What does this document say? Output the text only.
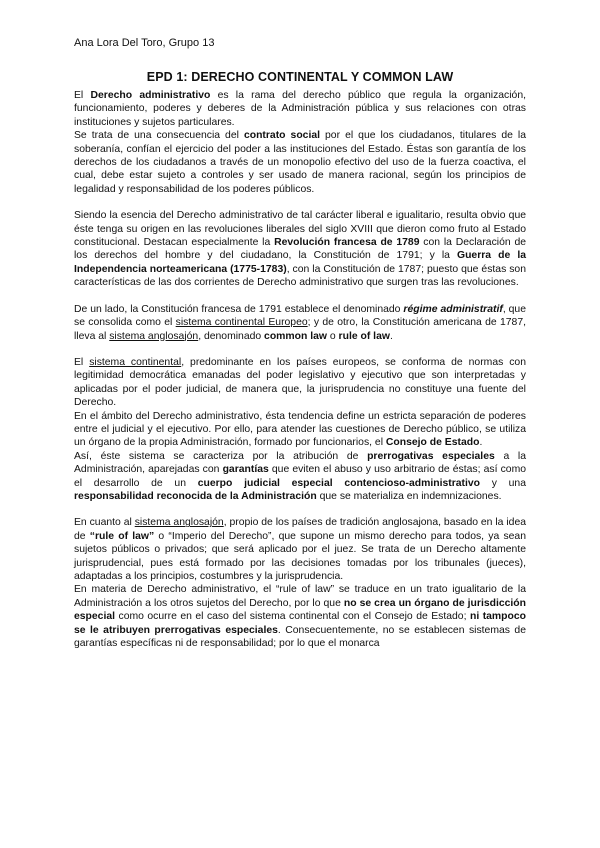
Ana Lora Del Toro, Grupo 13
EPD 1: DERECHO CONTINENTAL Y COMMON LAW

El Derecho administrativo es la rama del derecho público que regula la organización, funcionamiento, poderes y deberes de la Administración pública y sus relaciones con otras instituciones y sujetos particulares.

Se trata de una consecuencia del contrato social por el que los ciudadanos, titulares de la soberanía, confían el ejercicio del poder a las instituciones del Estado. Éstas son garantía de los derechos de los ciudadanos a través de un monopolio efectivo del uso de la fuerza coactiva, el cual, debe estar sujeto a controles y ser usado de manera racional, según los principios de legalidad y responsabilidad de los poderes públicos.

Siendo la esencia del Derecho administrativo de tal carácter liberal e igualitario, resulta obvio que éste tenga su origen en las revoluciones liberales del siglo XVIII que dieron como fruto al Estado constitucional. Destacan especialmente la Revolución francesa de 1789 con la Declaración de los derechos del hombre y del ciudadano, la Constitución de 1791; y la Guerra de la Independencia norteamericana (1775-1783), con la Constitución de 1787; puesto que éstas son características de las dos corrientes de Derecho administrativo que surgen tras las revoluciones.

De un lado, la Constitución francesa de 1791 establece el denominado régime administratif, que se consolida como el sistema continental Europeo; y de otro, la Constitución americana de 1787, lleva al sistema anglosajón, denominado common law o rule of law.

El sistema continental, predominante en los países europeos, se conforma de normas con legitimidad democrática emanadas del poder legislativo y ejecutivo que son interpretadas y aplicadas por el poder judicial, de manera que, la jurisprudencia no constituye una fuente del Derecho.

En el ámbito del Derecho administrativo, ésta tendencia define un estricta separación de poderes entre el judicial y el ejecutivo. Por ello, para atender las cuestiones de Derecho público, se utiliza un órgano de la propia Administración, formado por funcionarios, el Consejo de Estado.

Así, éste sistema se caracteriza por la atribución de prerrogativas especiales a la Administración, aparejadas con garantías que eviten el abuso y uso arbitrario de éstas; así como el desarrollo de un cuerpo judicial especial contencioso-administrativo y una responsabilidad reconocida de la Administración que se materializa en indemnizaciones.

En cuanto al sistema anglosajón, propio de los países de tradición anglosajona, basado en la idea de “rule of law” o “Imperio del Derecho”, que supone un mismo derecho para todos, ya sean sujetos públicos o privados; que será aplicado por el juez. Se trata de un Derecho altamente jurisprudencial, pues está formado por las decisiones tomadas por los tribunales (jueces), adaptadas a los principios, costumbres y la jurisprudencia.

En materia de Derecho administrativo, el “rule of law” se traduce en un trato igualitario de la Administración a los otros sujetos del Derecho, por lo que no se crea un órgano de jurisdicción especial como ocurre en el caso del sistema continental con el Consejo de Estado; ni tampoco se le atribuyen prerrogativas especiales. Consecuentemente, no se establecen sistemas de garantías específicas ni de responsabilidad; por lo que el monarca
